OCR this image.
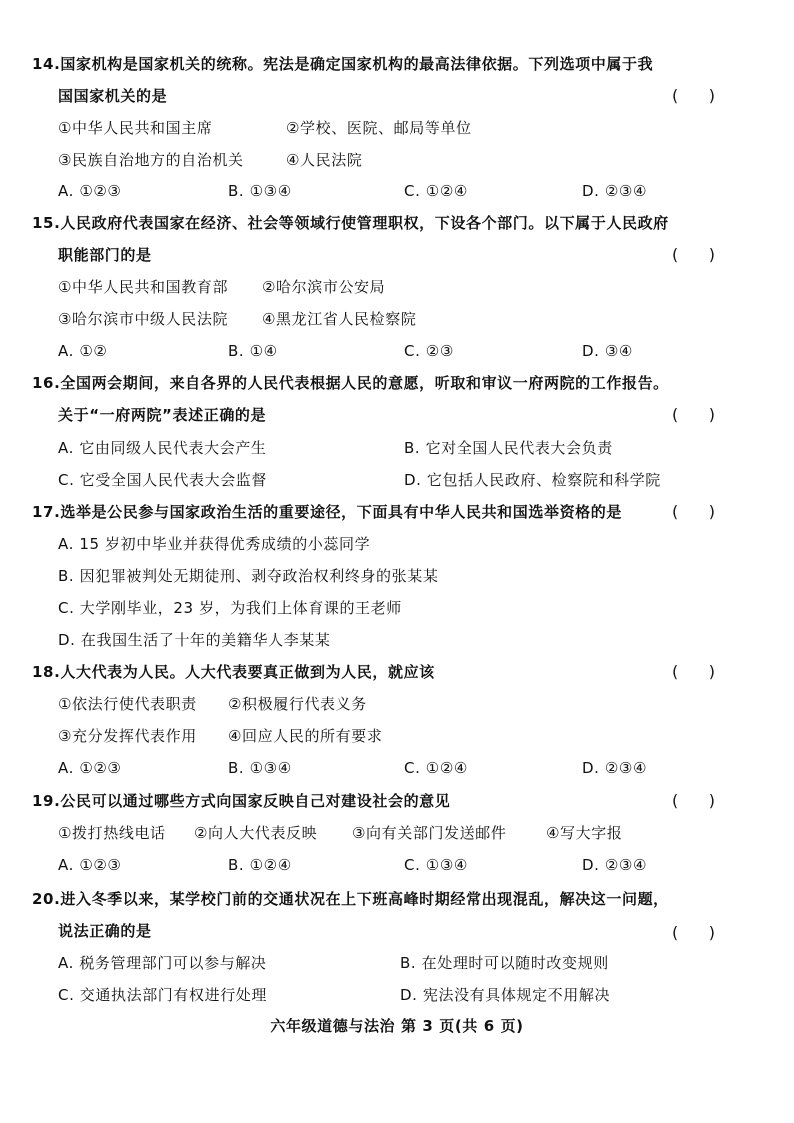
14.国家机构是国家机关的统称。宪法是确定国家机构的最高法律依据。下列选项中属于我
国国家机关的是	(      )
①中华人民共和国主席	②学校、医院、邮局等单位
③民族自治地方的自治机关	④人民法院
A. ①②③	B. ①③④	C. ①②④	D. ②③④
15.人民政府代表国家在经济、社会等领域行使管理职权，下设各个部门。以下属于人民政府
职能部门的是	(      )
①中华人民共和国教育部 ②哈尔滨市公安局
③哈尔滨市中级人民法院 ④黑龙江省人民检察院
A. ①②	B. ①④	C. ②③	D. ③④
16.全国两会期间，来自各界的人民代表根据人民的意愿，听取和审议一府两院的工作报告。
关于“一府两院”表述正确的是	(      )
A. 它由同级人民代表大会产生	B. 它对全国人民代表大会负责
C. 它受全国人民代表大会监督	D. 它包括人民政府、检察院和科学院
17.选举是公民参与国家政治生活的重要途径，下面具有中华人民共和国选举资格的是	(      )
A. 15 岁初中毕业并获得优秀成绩的小蕊同学
B. 因犯罪被判处无期徒刑、剥夺政治权利终身的张某某
C. 大学刚毕业，23 岁，为我们上体育课的王老师
D. 在我国生活了十年的美籍华人李某某
18.人大代表为人民。人大代表要真正做到为人民，就应该	(      )
①依法行使代表职责 ②积极履行代表义务
③充分发挥代表作用 ④回应人民的所有要求
A. ①②③	B. ①③④	C. ①②④	D. ②③④
19.公民可以通过哪些方式向国家反映自己对建设社会的意见	(      )
①拨打热线电话 ②向人大代表反映 ③向有关部门发送邮件	④写大字报
A. ①②③	B. ①②④	C. ①③④	D. ②③④
20.进入冬季以来，某学校门前的交通状况在上下班高峰时期经常出现混乱，解决这一问题，
说法正确的是	(      )
A. 税务管理部门可以参与解决	B. 在处理时可以随时改变规则
C. 交通执法部门有权进行处理	D. 宪法没有具体规定不用解决
六年级道德与法治 第 3 页(共 6 页)
